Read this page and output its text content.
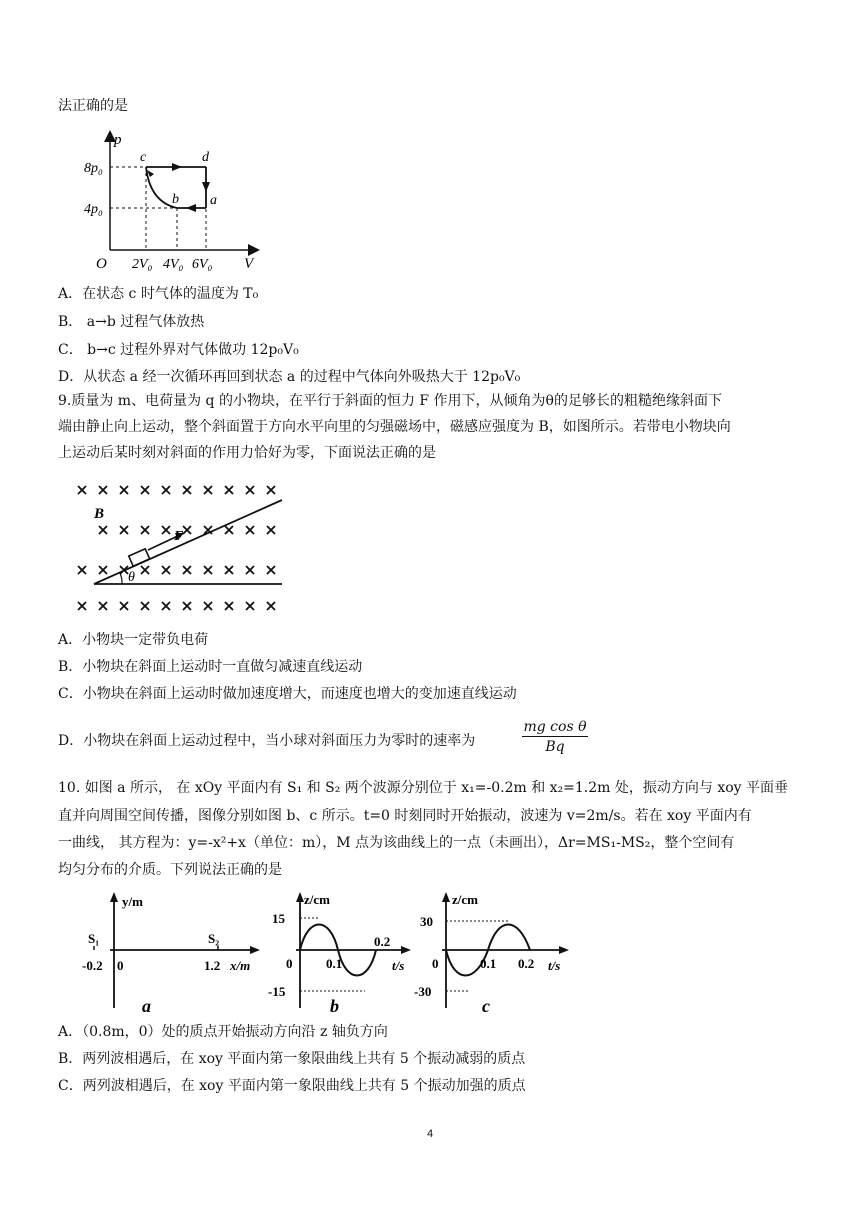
法正确的是
p
V
O
8p₀
4p₀
2V₀ 4V₀ 6V₀
c	d
a
b
A．在状态 c 时气体的温度为 T₀
B． a→b 过程气体放热
C． b→c 过程外界对气体做功 12p₀V₀
D．从状态 a 经一次循环再回到状态 a 的过程中气体向外吸热大于 12p₀V₀
9.质量为 m、电荷量为 q 的小物块，在平行于斜面的恒力 F 作用下，从倾角为θ的足够长的粗糙绝缘斜面下
端由静止向上运动，整个斜面置于方向水平向里的匀强磁场中，磁感应强度为 B，如图所示。若带电小物块向
上运动后某时刻对斜面的作用力恰好为零，下面说法正确的是
B
F
θ
A．小物块一定带负电荷
B．小物块在斜面上运动时一直做匀减速直线运动
C．小物块在斜面上运动时做加速度增大，而速度也增大的变加速直线运动
D．小物块在斜面上运动过程中，当小球对斜面压力为零时的速率为	$\frac{\text{mg cos θ}}{Bq}$
10. 如图 a 所示， 在 xOy 平面内有 S₁ 和 S₂ 两个波源分别位于 x₁=-0.2m 和 x₂=1.2m 处，振动方向与 xoy 平面垂
直并向周围空间传播，图像分别如图 b、c 所示。t=0 时刻同时开始振动，波速为 v=2m/s。若在 xoy 平面内有
一曲线， 其方程为：y=-x²+x（单位：m），M 点为该曲线上的一点（未画出），Δr=MS₁-MS₂，整个空间有
均匀分布的介质。下列说法正确的是
y/m
x/m
S₁	S₂
-0.2 0	1.2
a
z/cm
t/s
15
-15
0	0.1
0.2
b
z/cm
t/s
30
-30
0	0.1 0.2
c
A．（0.8m，0）处的质点开始振动方向沿 z 轴负方向
B．两列波相遇后，在 xoy 平面内第一象限曲线上共有 5 个振动减弱的质点
C．两列波相遇后，在 xoy 平面内第一象限曲线上共有 5 个振动加强的质点
4
